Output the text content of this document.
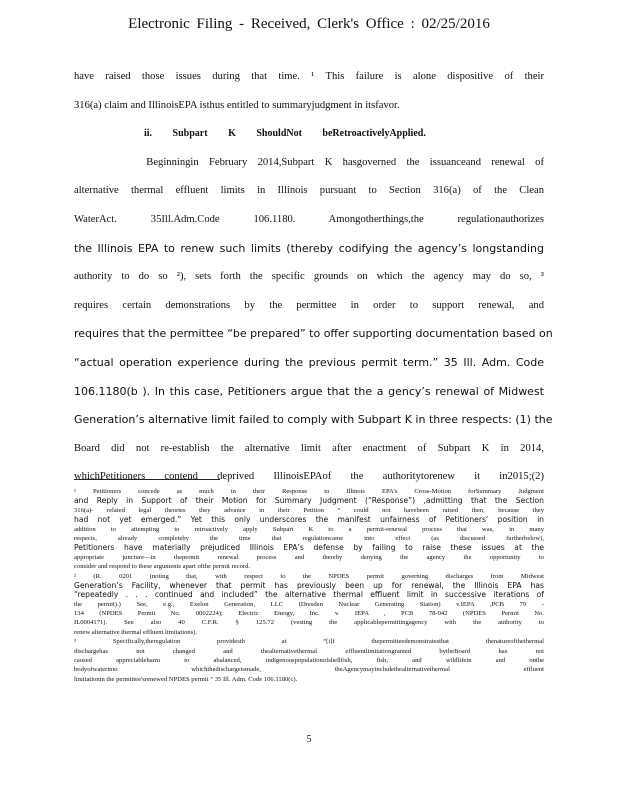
Electronic Filing - Received, Clerk's Office : 02/25/2016
have raised those issues during that time. ¹ This failure is alone dispositive of their
316(a) claim and IllinoisEPA isthus entitled to summaryjudgment in itsfavor.
Beginningin February 2014,Subpart K hasgoverned the issuanceand renewal of
alternative thermal effluent limits in Illinois pursuant to Section 316(a) of the Clean
WaterAct. 35Ill.Adm.Code 106.1180. Amongotherthings,the regulationauthorizes
the Illinois EPA to renew such limits (thereby codifying the agency’s longstanding
authority to do so ²), sets forth the specific grounds on which the agency may do so, ³
requires certain demonstrations by the permittee in order to support renewal, and
requires that the permittee “be prepared” to offer supporting documentation based on
“actual operation experience during the previous permit term.” 35 Ill. Adm. Code
106.1180(b ). In this case, Petitioners argue that the a gency’s renewal of Midwest
Generation’s alternative limit failed to comply with Subpart K in three respects: (1) the
Board did not re-establish the alternative limit after enactment of Subpart K in 2014,
whichPetitioners contend deprived IllinoisEPAof the authoritytorenew it in2015;(2)
ii. Subpart K ShouldNot beRetroactivelyApplied.
¹ Petitioners concede as much in their Response to Illinois EPA’s Cross-Motion forSummary Judgment
and Reply in Support of their Motion for Summary Judgment (“Response”) ,admitting that the Section
316(a)- related legal theories they advance in their Petition “ could not havebeen raised then, because they
had not yet emerged.” Yet this only underscores the manifest unfairness of Petitioners’ position in
addition to attempting to retroactively apply Subpart K to a permit-renewal process that was, in many
respects, already completeby the time that regulationcame into effect (as discussed furtherbelow),
Petitioners have materially prejudiced Illinois EPA’s defense by failing to raise these issues at the
appropriate juncture—in thepermit renewal process and thereby denying the agency the opportunity to
consider and respond to these arguments apart ofthe permit record.
² (R. 0201 (noting that, with respect to the NPDES permit governing discharges from Midwest
Generation’s Facility, whenever that permit has previously been up for renewal, the Illinois EPA has
“repeatedly . . . continued and included” the alternative thermal effluent limit in successive iterations of
the permit).) See, e.g., Exelon Generation, LLC (Dresden Nuclear Generating Station) v.IEPA ,PCB 79 -
134 (NPDES Permit No. 0002224); Electric Energy, Inc. v. IEPA , PCB 78-042 (NPDES Permit No.
IL0004171). See also 40 C.F.R. § 125.72 (vesting the applicablepermittingagency with the authority to
renew alternative thermal effluent limitations).
³ Specifically,theregulation providesth at “[i]f thepermitteedemonstratesthat thenatureofthethermal
dischargehas not changed and thealternativethermal effluentlimitationgranted bytheBoard has not
caused appreciableharm to abalanced, indigenouspopulationofshellfish, fish, and wildlifein and onthe
bodyofwaterinto whichthedischargeismade, theAgencymayincludethealternativethermal effluent
limitationin the permittee'srenewed NPDES permit ” 35 Ill. Adm. Code 106.1180(c).
5
